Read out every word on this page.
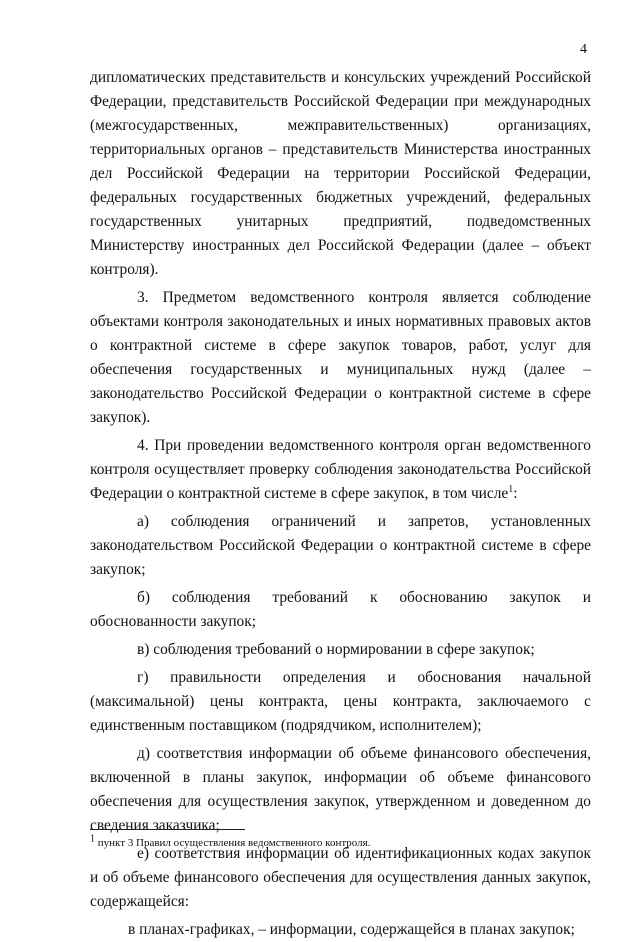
4

дипломатических представительств и консульских учреждений Российской Федерации, представительств Российской Федерации при международных (межгосударственных, межправительственных) организациях, территориальных органов – представительств Министерства иностранных дел Российской Федерации на территории Российской Федерации, федеральных государственных бюджетных учреждений, федеральных государственных унитарных предприятий, подведомственных Министерству иностранных дел Российской Федерации (далее – объект контроля).

3. Предметом ведомственного контроля является соблюдение объектами контроля законодательных и иных нормативных правовых актов о контрактной системе в сфере закупок товаров, работ, услуг для обеспечения государственных и муниципальных нужд (далее – законодательство Российской Федерации о контрактной системе в сфере закупок).

4. При проведении ведомственного контроля орган ведомственного контроля осуществляет проверку соблюдения законодательства Российской Федерации о контрактной системе в сфере закупок, в том числе$^1$:

а) соблюдения ограничений и запретов, установленных законодательством Российской Федерации о контрактной системе в сфере закупок;

б) соблюдения требований к обоснованию закупок и обоснованности закупок;

в) соблюдения требований о нормировании в сфере закупок;

г) правильности определения и обоснования начальной (максимальной) цены контракта, цены контракта, заключаемого с единственным поставщиком (подрядчиком, исполнителем);

д) соответствия информации об объеме финансового обеспечения, включенной в планы закупок, информации об объеме финансового обеспечения для осуществления закупок, утвержденном и доведенном до сведения заказчика;

е) соответствия информации об идентификационных кодах закупок и об объеме финансового обеспечения для осуществления данных закупок, содержащейся:

в планах-графиках, – информации, содержащейся в планах закупок;

$^1$ пункт 3 Правил осуществления ведомственного контроля.
